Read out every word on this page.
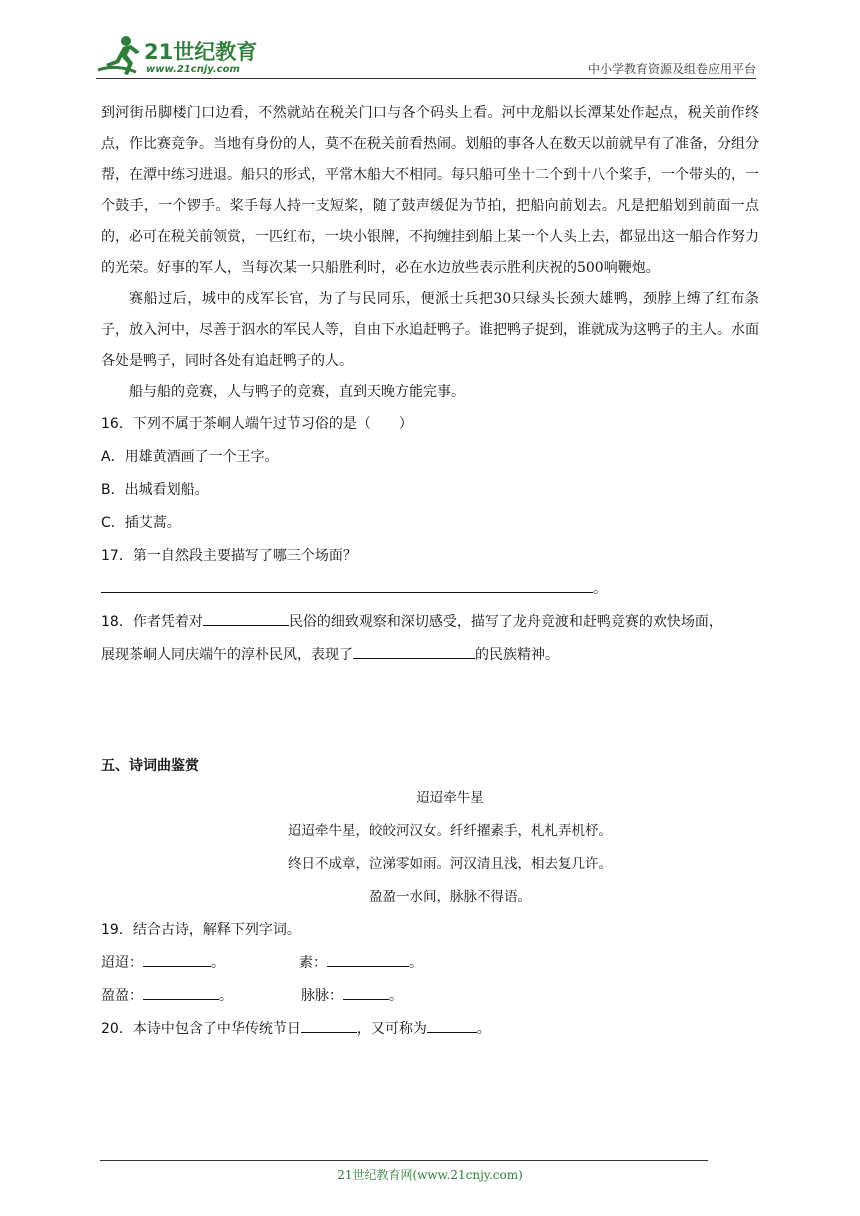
21世纪教育
www.21cnjy.com	中小学教育资源及组卷应用平台

到河街吊脚楼门口边看，不然就站在税关门口与各个码头上看。河中龙船以长潭某处作起点，税关前作终点，作比赛竞争。当地有身份的人，莫不在税关前看热闹。划船的事各人在数天以前就早有了准备，分组分帮，在潭中练习进退。船只的形式，平常木船大不相同。每只船可坐十二个到十八个桨手，一个带头的，一个鼓手，一个锣手。桨手每人持一支短桨，随了鼓声缓促为节拍，把船向前划去。凡是把船划到前面一点的，必可在税关前领赏，一匹红布，一块小银牌，不拘缠挂到船上某一个人头上去，都显出这一船合作努力的光荣。好事的军人，当每次某一只船胜利时，必在水边放些表示胜利庆祝的500响鞭炮。

赛船过后，城中的戍军长官，为了与民同乐，便派士兵把30只绿头长颈大雄鸭，颈脖上缚了红布条子，放入河中，尽善于泅水的军民人等，自由下水追赶鸭子。谁把鸭子捉到，谁就成为这鸭子的主人。水面各处是鸭子，同时各处有追赶鸭子的人。

船与船的竞赛，人与鸭子的竞赛，直到天晚方能完事。

16．下列不属于茶峒人端午过节习俗的是（　　）

A．用雄黄酒画了一个王字。

B．出城看划船。

C．插艾蒿。

17．第一自然段主要描写了哪三个场面？

。

18．作者凭着对	民俗的细致观察和深切感受，描写了龙舟竞渡和赶鸭竞赛的欢快场面，

展现茶峒人同庆端午的淳朴民风，表现了	的民族精神。

五、诗词曲鉴赏

迢迢牵牛星

迢迢牵牛星，皎皎河汉女。纤纤擢素手，札札弄机杼。

终日不成章，泣涕零如雨。河汉清且浅，相去复几许。

盈盈一水间，脉脉不得语。

19．结合古诗，解释下列字词。

迢迢：	。	素：	。
盈盈：	。	脉脉：	。

20．本诗中包含了中华传统节日	，又可称为	。

21世纪教育网(www.21cnjy.com)
